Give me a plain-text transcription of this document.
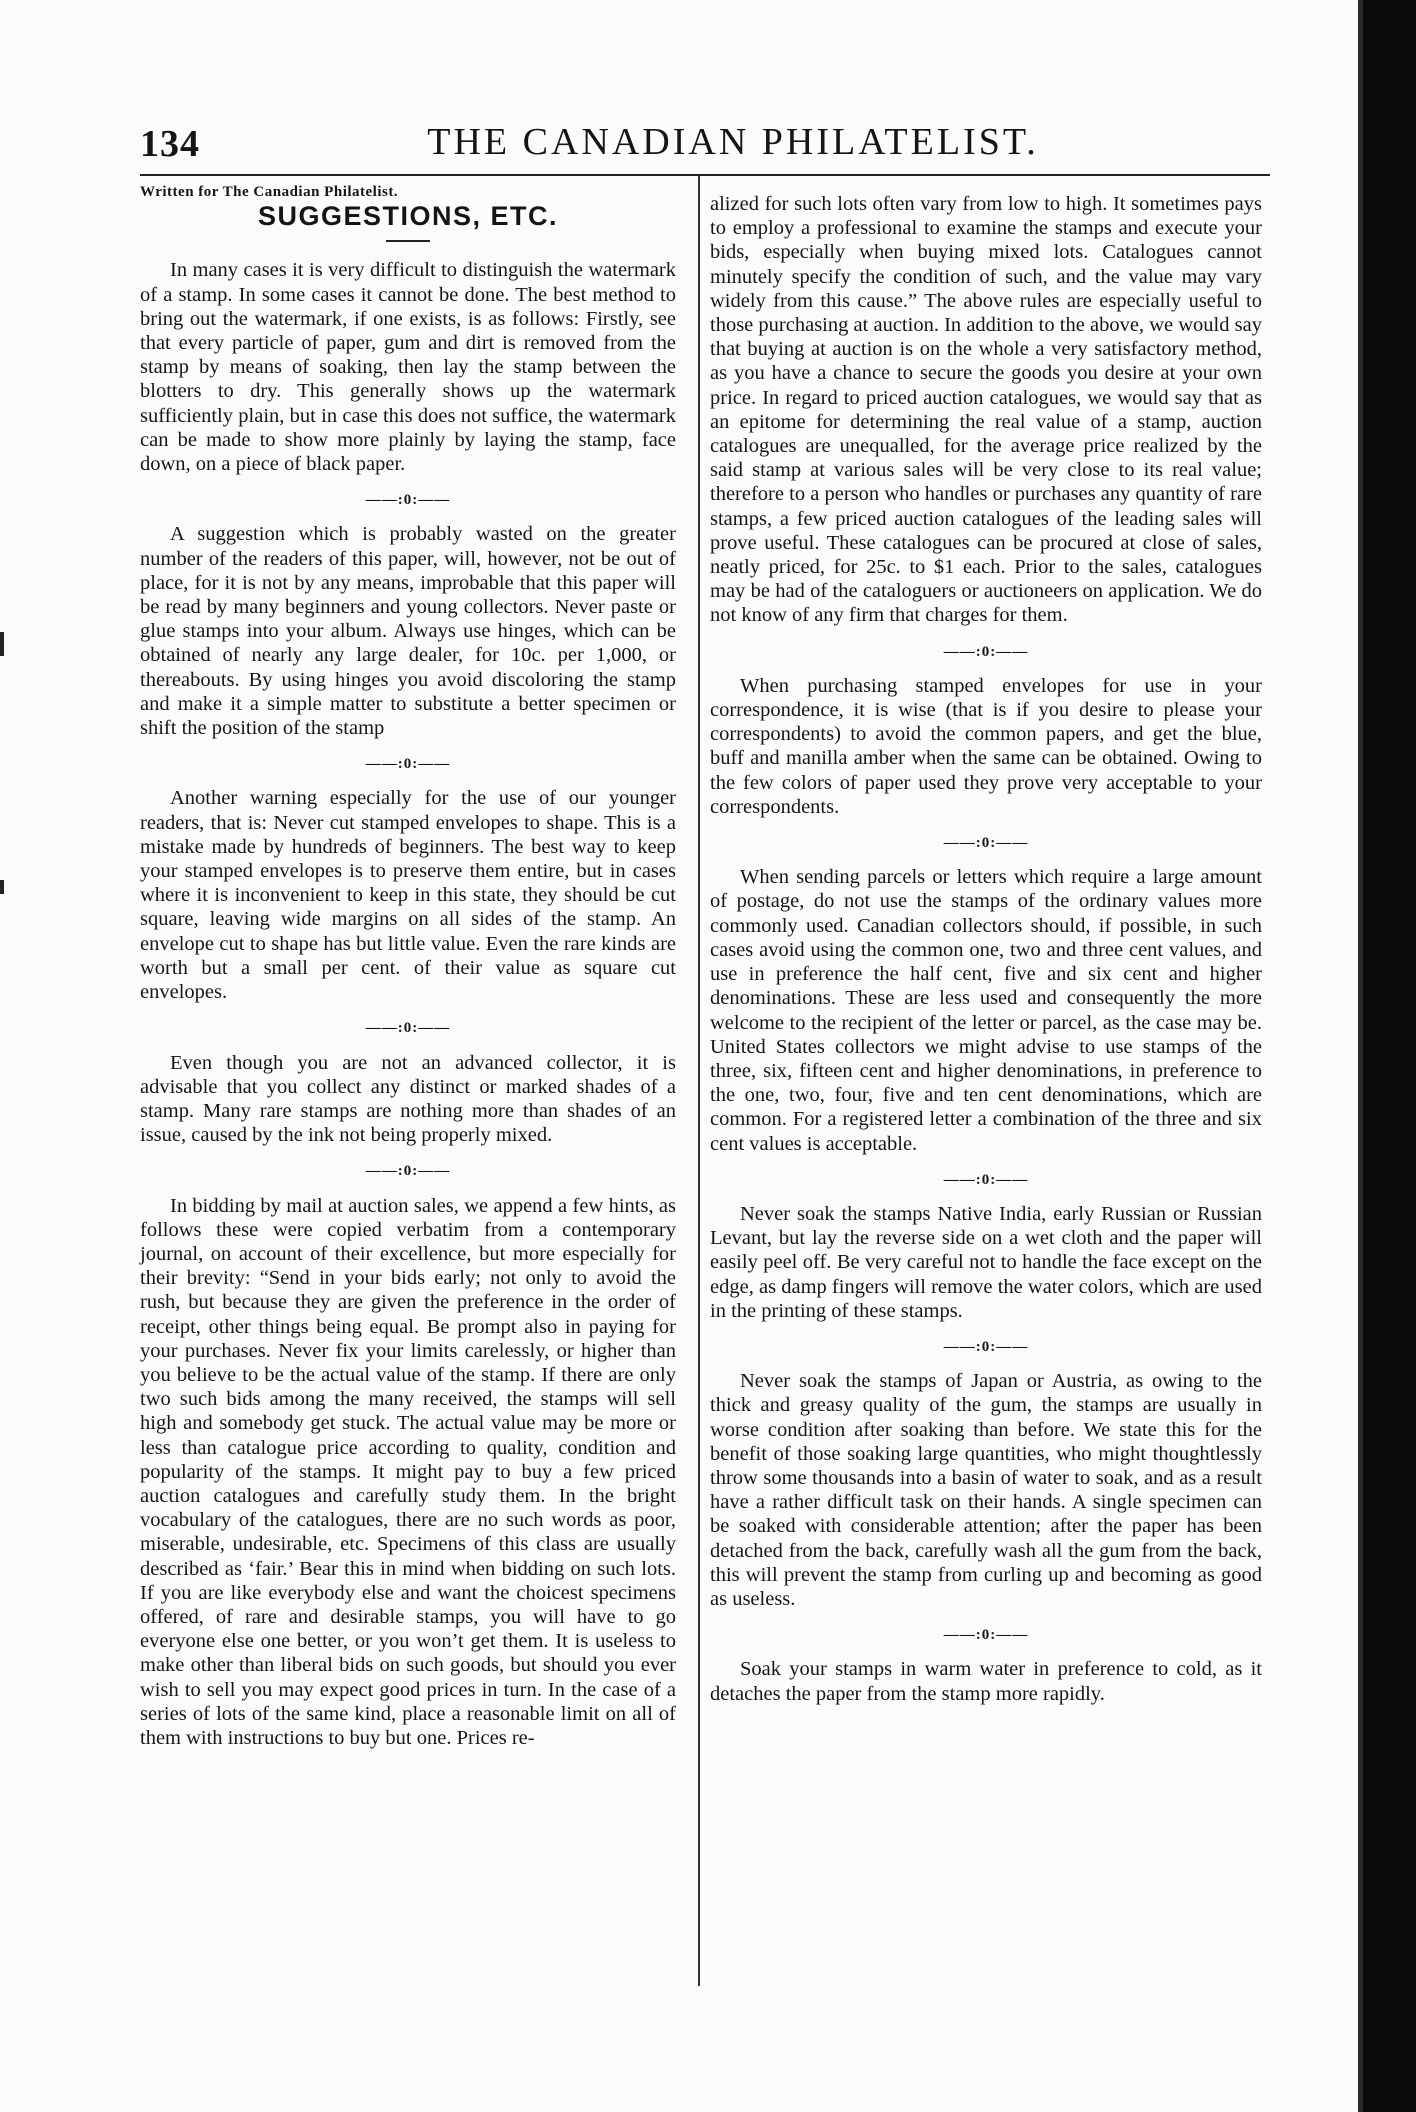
134	THE CANADIAN PHILATELIST.
Written for The Canadian Philatelist.
SUGGESTIONS, ETC.

In many cases it is very difficult to distinguish the watermark of a stamp. In some cases it cannot be done. The best method to bring out the watermark, if one exists, is as follows: Firstly, see that every particle of paper, gum and dirt is removed from the stamp by means of soaking, then lay the stamp between the blotters to dry. This generally shows up the watermark sufficiently plain, but in case this does not suffice, the watermark can be made to show more plainly by laying the stamp, face down, on a piece of black paper.

——:0:——

A suggestion which is probably wasted on the greater number of the readers of this paper, will, however, not be out of place, for it is not by any means, improbable that this paper will be read by many beginners and young collectors. Never paste or glue stamps into your album. Always use hinges, which can be obtained of nearly any large dealer, for 10c. per 1,000, or thereabouts. By using hinges you avoid discoloring the stamp and make it a simple matter to substitute a better specimen or shift the position of the stamp

——:0:——

Another warning especially for the use of our younger readers, that is: Never cut stamped envelopes to shape. This is a mistake made by hundreds of beginners. The best way to keep your stamped envelopes is to preserve them entire, but in cases where it is inconvenient to keep in this state, they should be cut square, leaving wide margins on all sides of the stamp. An envelope cut to shape has but little value. Even the rare kinds are worth but a small per cent. of their value as square cut envelopes.

——:0:——

Even though you are not an advanced collector, it is advisable that you collect any distinct or marked shades of a stamp. Many rare stamps are nothing more than shades of an issue, caused by the ink not being properly mixed.

——:0:——

In bidding by mail at auction sales, we append a few hints, as follows these were copied verbatim from a contemporary journal, on account of their excellence, but more especially for their brevity: “Send in your bids early; not only to avoid the rush, but because they are given the preference in the order of receipt, other things being equal. Be prompt also in paying for your purchases. Never fix your limits carelessly, or higher than you believe to be the actual value of the stamp. If there are only two such bids among the many received, the stamps will sell high and somebody get stuck. The actual value may be more or less than catalogue price according to quality, condition and popularity of the stamps. It might pay to buy a few priced auction catalogues and carefully study them. In the bright vocabulary of the catalogues, there are no such words as poor, miserable, undesirable, etc. Specimens of this class are usually described as ‘fair.’ Bear this in mind when bidding on such lots. If you are like everybody else and want the choicest specimens offered, of rare and desirable stamps, you will have to go everyone else one better, or you won’t get them. It is useless to make other than liberal bids on such goods, but should you ever wish to sell you may expect good prices in turn. In the case of a series of lots of the same kind, place a reasonable limit on all of them with instructions to buy but one. Prices re-

alized for such lots often vary from low to high. It sometimes pays to employ a professional to examine the stamps and execute your bids, especially when buying mixed lots. Catalogues cannot minutely specify the condition of such, and the value may vary widely from this cause.” The above rules are especially useful to those purchasing at auction. In addition to the above, we would say that buying at auction is on the whole a very satisfactory method, as you have a chance to secure the goods you desire at your own price. In regard to priced auction catalogues, we would say that as an epitome for determining the real value of a stamp, auction catalogues are unequalled, for the average price realized by the said stamp at various sales will be very close to its real value; therefore to a person who handles or purchases any quantity of rare stamps, a few priced auction catalogues of the leading sales will prove useful. These catalogues can be procured at close of sales, neatly priced, for 25c. to $1 each. Prior to the sales, catalogues may be had of the cataloguers or auctioneers on application. We do not know of any firm that charges for them.

——:0:——

When purchasing stamped envelopes for use in your correspondence, it is wise (that is if you desire to please your correspondents) to avoid the common papers, and get the blue, buff and manilla amber when the same can be obtained. Owing to the few colors of paper used they prove very acceptable to your correspondents.

——:0:——

When sending parcels or letters which require a large amount of postage, do not use the stamps of the ordinary values more commonly used. Canadian collectors should, if possible, in such cases avoid using the common one, two and three cent values, and use in preference the half cent, five and six cent and higher denominations. These are less used and consequently the more welcome to the recipient of the letter or parcel, as the case may be. United States collectors we might advise to use stamps of the three, six, fifteen cent and higher denominations, in preference to the one, two, four, five and ten cent denominations, which are common. For a registered letter a combination of the three and six cent values is acceptable.

——:0:——

Never soak the stamps Native India, early Russian or Russian Levant, but lay the reverse side on a wet cloth and the paper will easily peel off. Be very careful not to handle the face except on the edge, as damp fingers will remove the water colors, which are used in the printing of these stamps.

——:0:——

Never soak the stamps of Japan or Austria, as owing to the thick and greasy quality of the gum, the stamps are usually in worse condition after soaking than before. We state this for the benefit of those soaking large quantities, who might thoughtlessly throw some thousands into a basin of water to soak, and as a result have a rather difficult task on their hands. A single specimen can be soaked with considerable attention; after the paper has been detached from the back, carefully wash all the gum from the back, this will prevent the stamp from curling up and becoming as good as useless.

——:0:——

Soak your stamps in warm water in preference to cold, as it detaches the paper from the stamp more rapidly.
